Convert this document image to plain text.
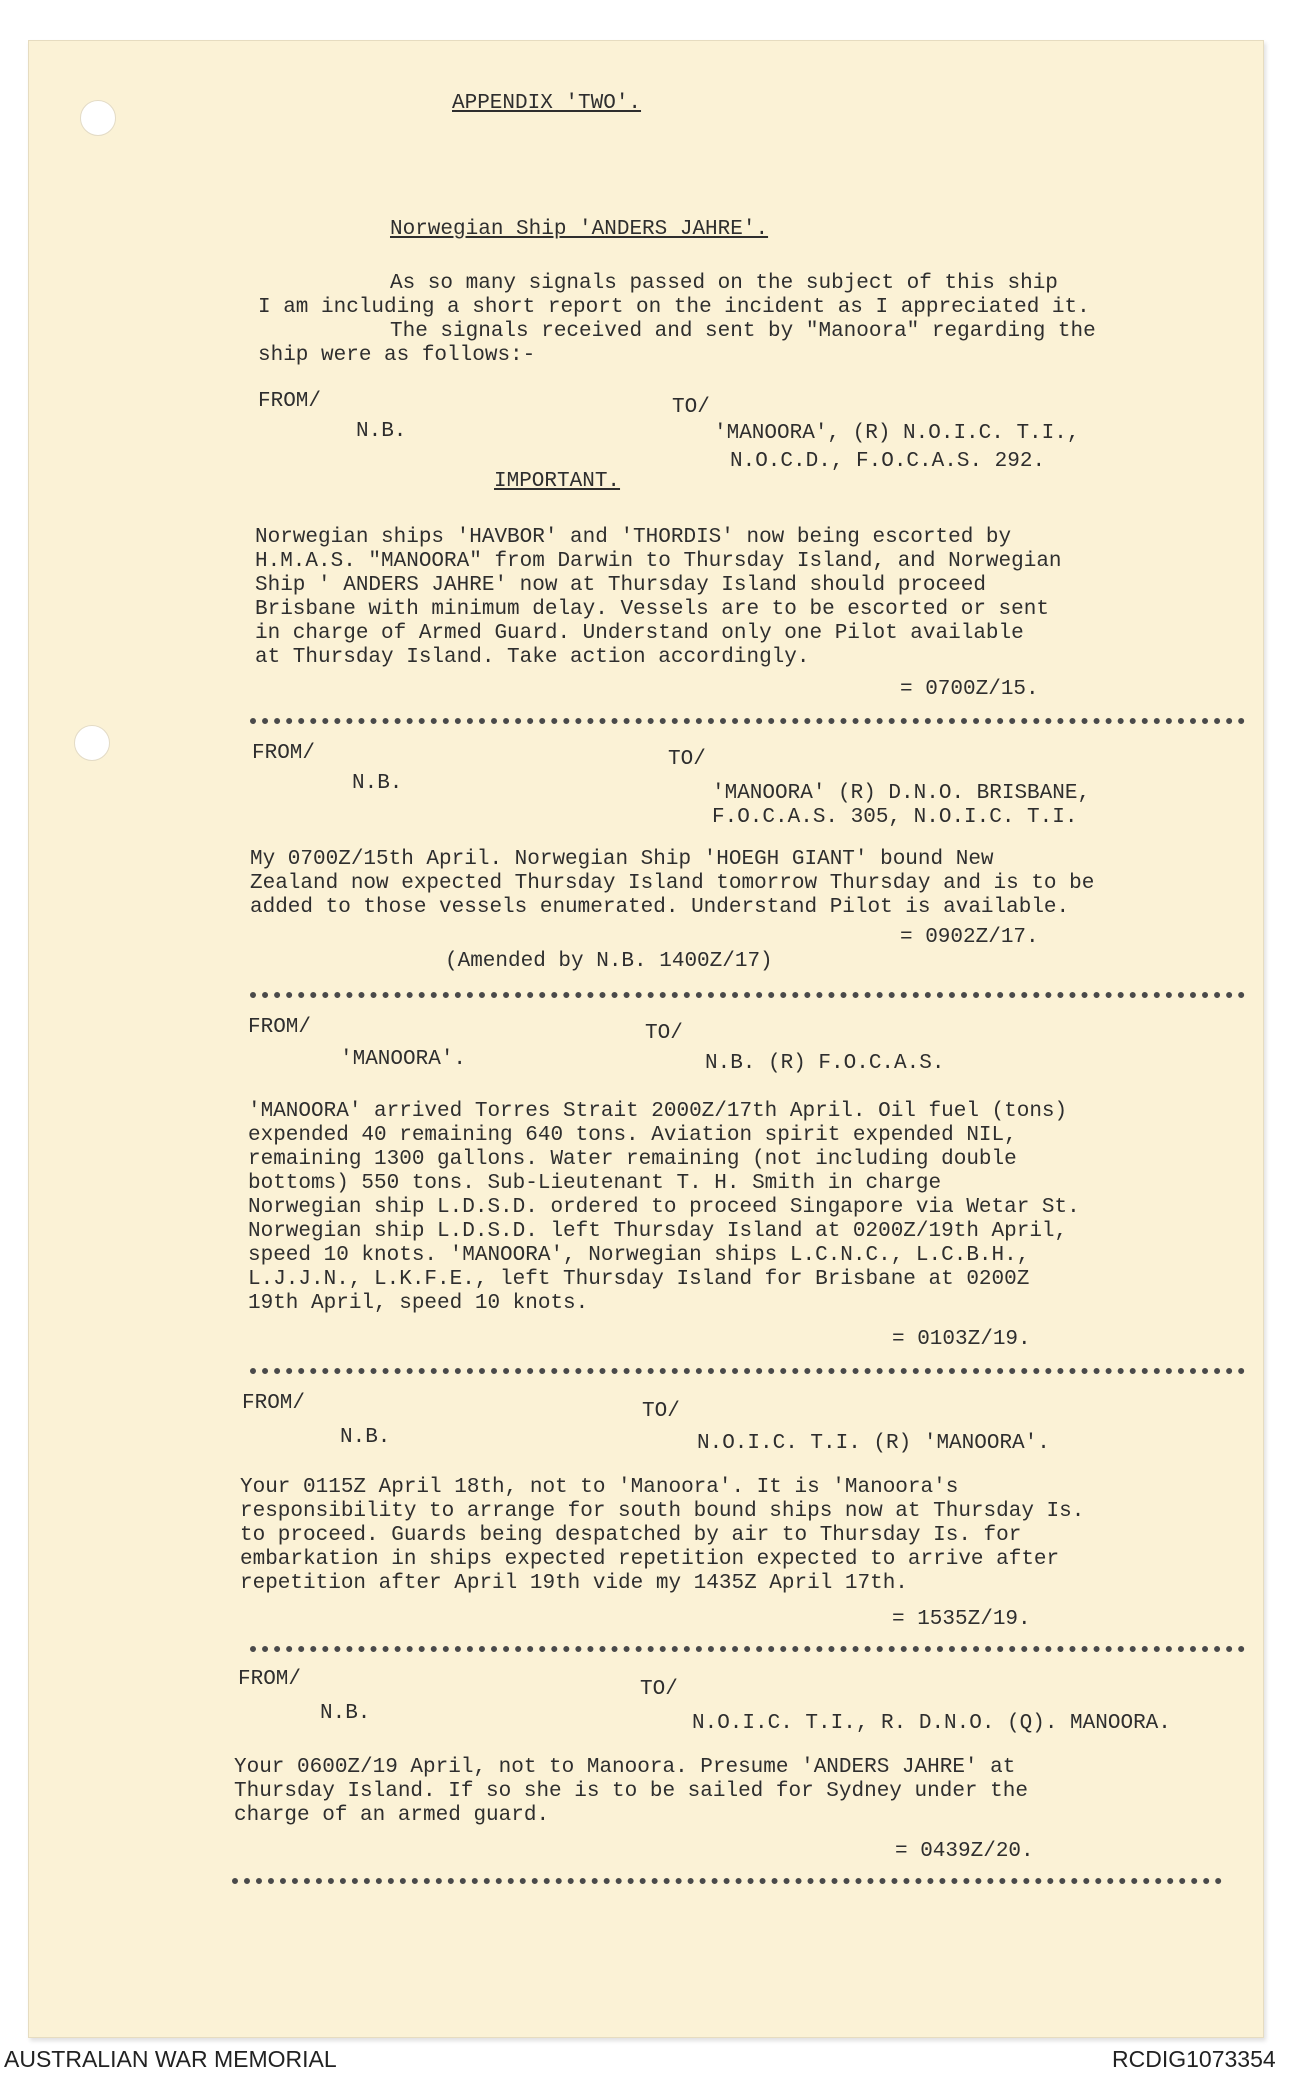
APPENDIX 'TWO'.
Norwegian Ship 'ANDERS JAHRE'.
As so many signals passed on the subject of this ship
I am including a short report on the incident as I appreciated it.
The signals received and sent by "Manoora" regarding the
ship were as follows:-
FROM/	TO/
N.B.	'MANOORA', (R) N.O.I.C. T.I.,
N.O.C.D., F.O.C.A.S. 292.
IMPORTANT.
Norwegian ships 'HAVBOR' and 'THORDIS' now being escorted by
H.M.A.S. "MANOORA" from Darwin to Thursday Island, and Norwegian
Ship ' ANDERS JAHRE' now at Thursday Island should proceed
Brisbane with minimum delay. Vessels are to be escorted or sent
in charge of Armed Guard. Understand only one Pilot available
at Thursday Island. Take action accordingly.
= 0700Z/15.
FROM/	TO/
N.B.	'MANOORA' (R) D.N.O. BRISBANE,
F.O.C.A.S. 305, N.O.I.C. T.I.
My 0700Z/15th April. Norwegian Ship 'HOEGH GIANT' bound New
Zealand now expected Thursday Island tomorrow Thursday and is to be
added to those vessels enumerated. Understand Pilot is available.
= 0902Z/17.
(Amended by N.B. 1400Z/17)
FROM/	TO/
'MANOORA'.	N.B. (R) F.O.C.A.S.
'MANOORA' arrived Torres Strait 2000Z/17th April. Oil fuel (tons)
expended 40 remaining 640 tons. Aviation spirit expended NIL,
remaining 1300 gallons. Water remaining (not including double
bottoms) 550 tons. Sub-Lieutenant T. H. Smith in charge
Norwegian ship L.D.S.D. ordered to proceed Singapore via Wetar St.
Norwegian ship L.D.S.D. left Thursday Island at 0200Z/19th April,
speed 10 knots. 'MANOORA', Norwegian ships L.C.N.C., L.C.B.H.,
L.J.J.N., L.K.F.E., left Thursday Island for Brisbane at 0200Z
19th April, speed 10 knots.
= 0103Z/19.
FROM/	TO/
N.B.	N.O.I.C. T.I. (R) 'MANOORA'.
Your 0115Z April 18th, not to 'Manoora'. It is 'Manoora's
responsibility to arrange for south bound ships now at Thursday Is.
to proceed. Guards being despatched by air to Thursday Is. for
embarkation in ships expected repetition expected to arrive after
repetition after April 19th vide my 1435Z April 17th.
= 1535Z/19.
FROM/	TO/
N.B.	N.O.I.C. T.I., R. D.N.O. (Q). MANOORA.
Your 0600Z/19 April, not to Manoora. Presume 'ANDERS JAHRE' at
Thursday Island. If so she is to be sailed for Sydney under the
charge of an armed guard.
= 0439Z/20.
AUSTRALIAN WAR MEMORIAL	RCDIG1073354
